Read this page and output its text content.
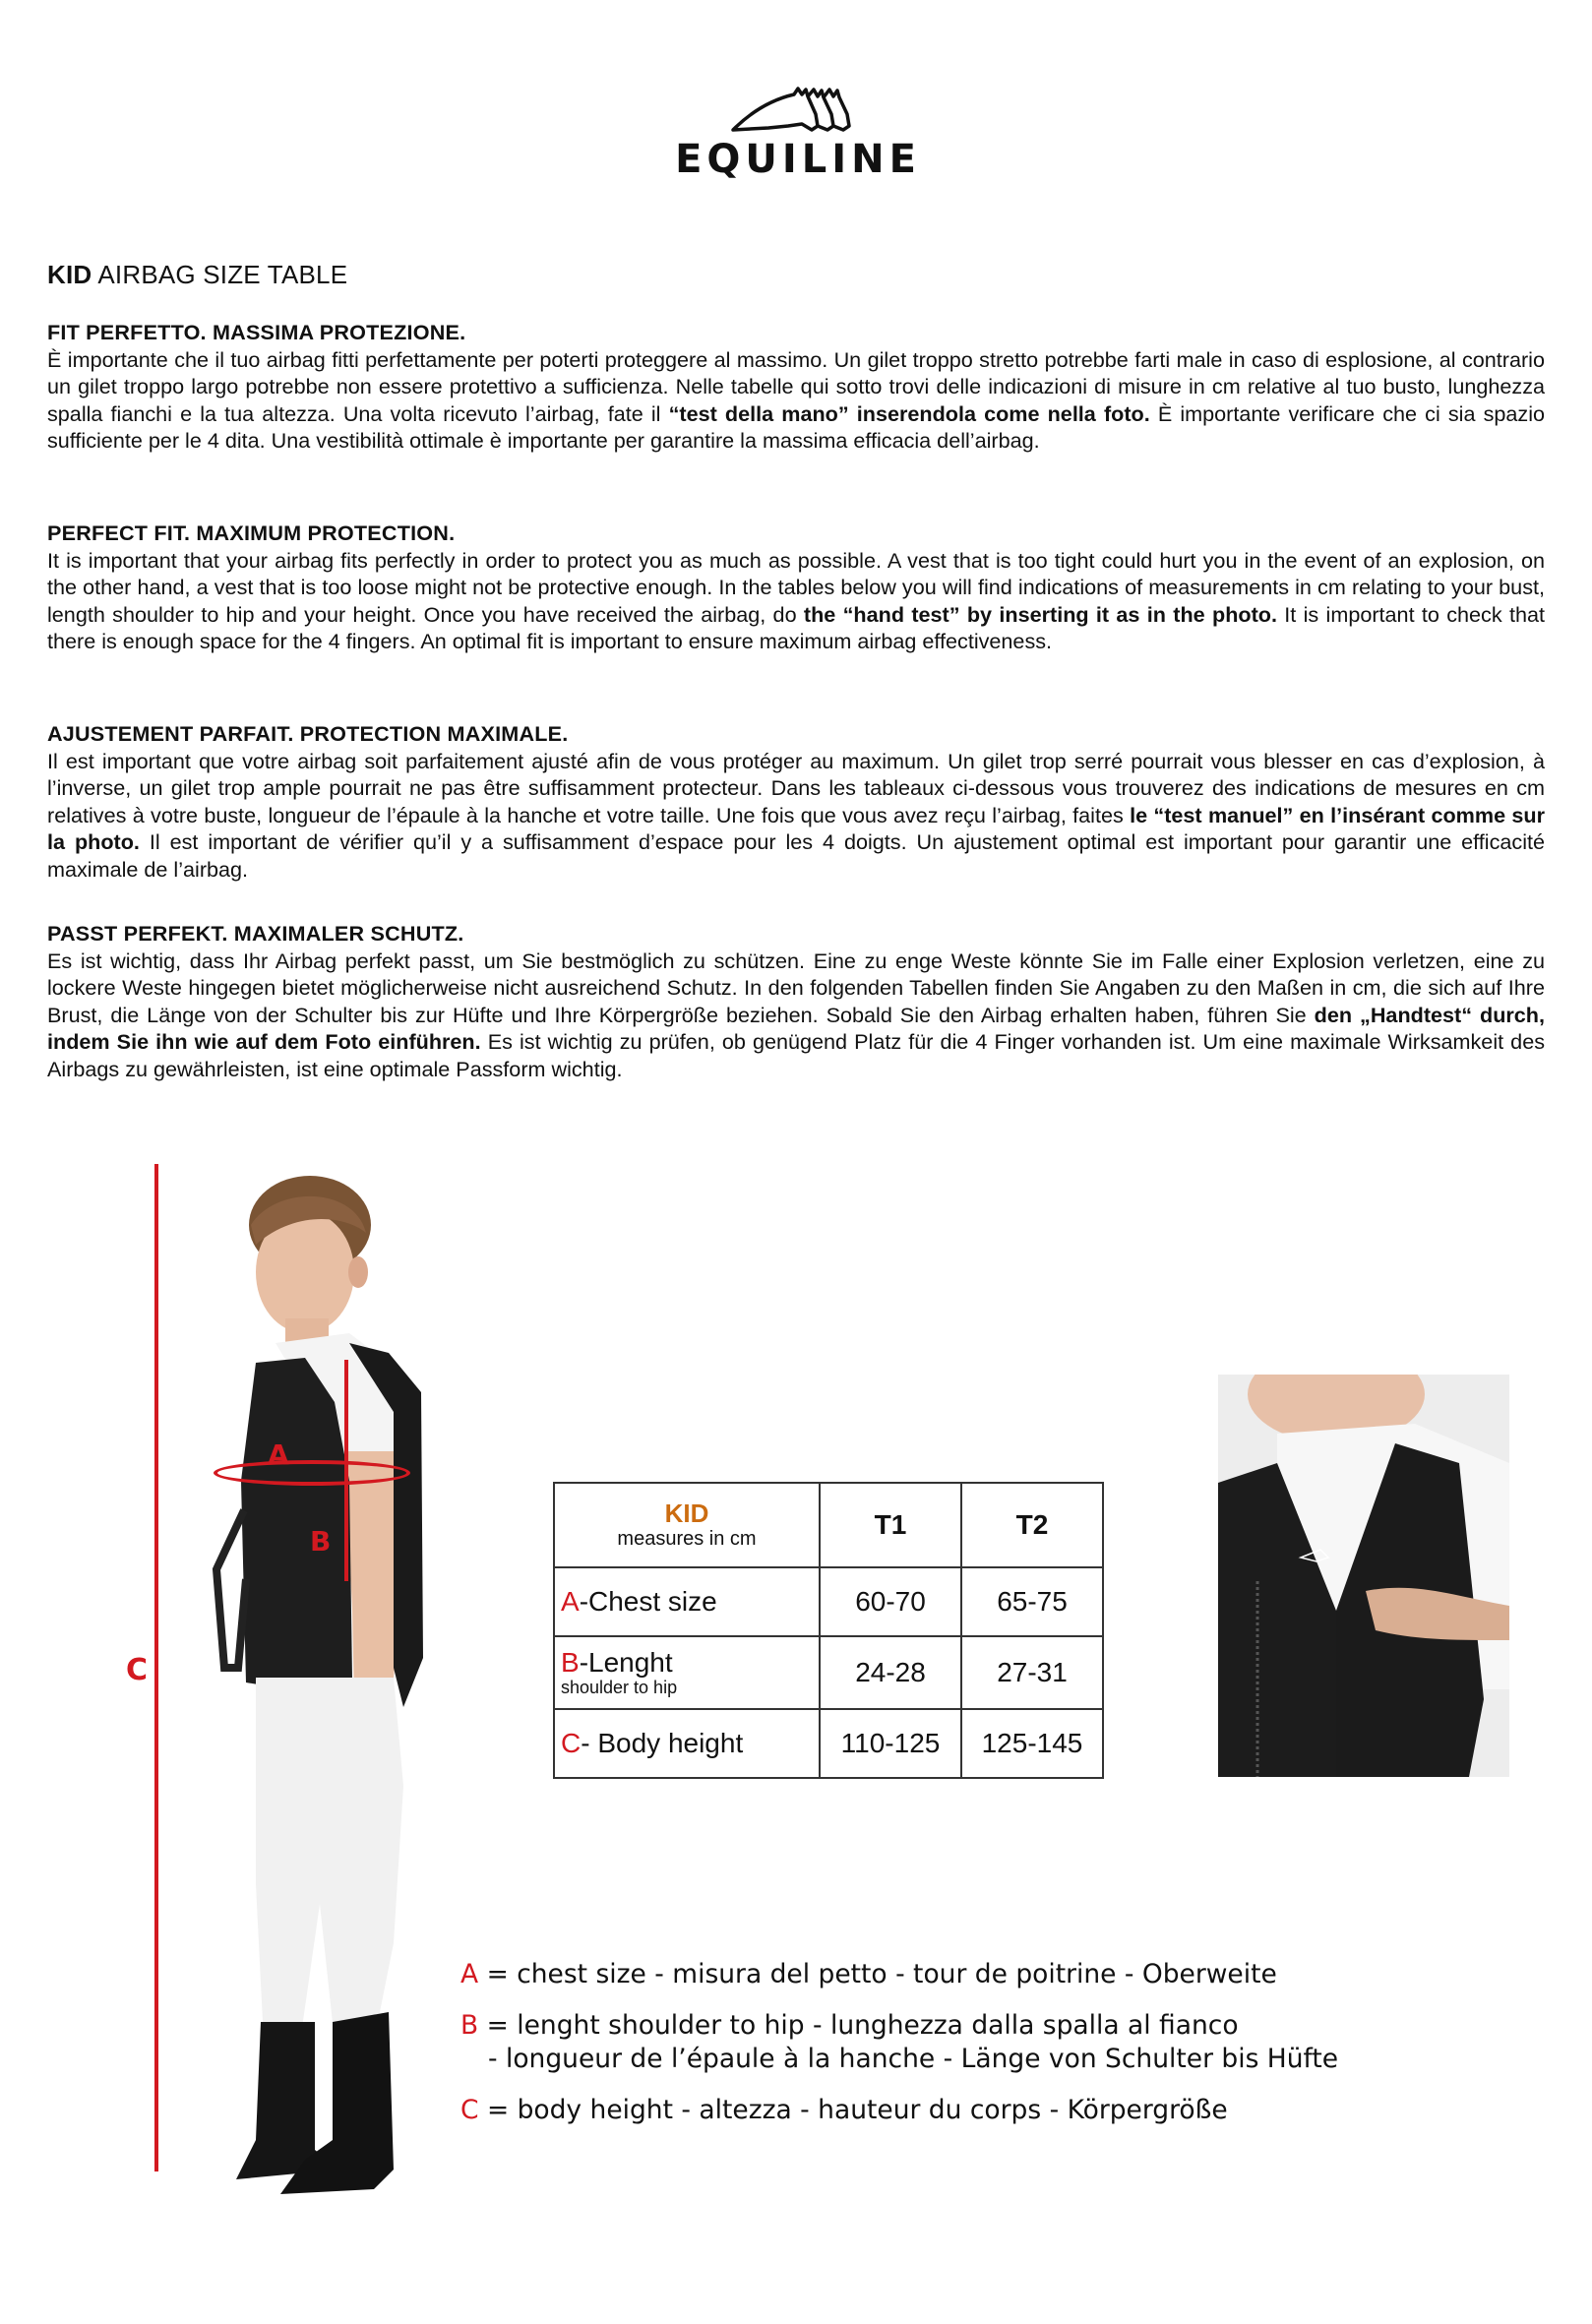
EQUILINE
KID AIRBAG SIZE TABLE
FIT PERFETTO. MASSIMA PROTEZIONE.

È importante che il tuo airbag fitti perfettamente per poterti proteggere al massimo. Un gilet troppo stretto potrebbe farti male in caso di esplosione, al contrario un gilet troppo largo potrebbe non essere protettivo a sufficienza. Nelle tabelle qui sotto trovi delle indicazioni di misure in cm relative al tuo busto, lunghezza spalla fianchi e la tua altezza. Una volta ricevuto l’airbag, fate il “test della mano” inserendola come nella foto. È importante verificare che ci sia spazio sufficiente per le 4 dita. Una vestibilità ottimale è importante per garantire la massima efficacia dell’airbag.

PERFECT FIT. MAXIMUM PROTECTION.

It is important that your airbag fits perfectly in order to protect you as much as possible. A vest that is too tight could hurt you in the event of an explosion, on the other hand, a vest that is too loose might not be protective enough. In the tables below you will find indications of measurements in cm relating to your bust, length shoulder to hip and your height. Once you have received the airbag, do the “hand test” by inserting it as in the photo. It is important to check that there is enough space for the 4 fingers. An optimal fit is important to ensure maximum airbag effectiveness.

AJUSTEMENT PARFAIT. PROTECTION MAXIMALE.

Il est important que votre airbag soit parfaitement ajusté afin de vous protéger au maximum. Un gilet trop serré pourrait vous blesser en cas d’explosion, à l’inverse, un gilet trop ample pourrait ne pas être suffisamment protecteur. Dans les tableaux ci-dessous vous trouverez des indications de mesures en cm relatives à votre buste, longueur de l’épaule à la hanche et votre taille. Une fois que vous avez reçu l’airbag, faites le “test manuel” en l’insérant comme sur la photo. Il est important de vérifier qu’il y a suffisamment d’espace pour les 4 doigts. Un ajustement optimal est important pour garantir une efficacité maximale de l’airbag.

PASST PERFEKT. MAXIMALER SCHUTZ.

Es ist wichtig, dass Ihr Airbag perfekt passt, um Sie bestmöglich zu schützen. Eine zu enge Weste könnte Sie im Falle einer Explosion verletzen, eine zu lockere Weste hingegen bietet möglicherweise nicht ausreichend Schutz. In den folgenden Tabellen finden Sie Angaben zu den Maßen in cm, die sich auf Ihre Brust, die Länge von der Schulter bis zur Hüfte und Ihre Körpergröße beziehen. Sobald Sie den Airbag erhalten haben, führen Sie den „Handtest“ durch, indem Sie ihn wie auf dem Foto einführen. Es ist wichtig zu prüfen, ob genügend Platz für die 4 Finger vorhanden ist. Um eine maximale Wirksamkeit des Airbags zu gewährleisten, ist eine optimale Passform wichtig.

C
A
B
KID
measures in cm	T1	T2
A-Chest size	60-70	65-75
B-Lenght
shoulder to hip	24-28	27-31
C- Body height	110-125	125-145
A = chest size - misura del petto - tour de poitrine - Oberweite
B = lenght shoulder to hip - lunghezza dalla spalla al fianco
- longueur de l’épaule à la hanche - Länge von Schulter bis Hüfte
C = body height - altezza - hauteur du corps - Körpergröße
